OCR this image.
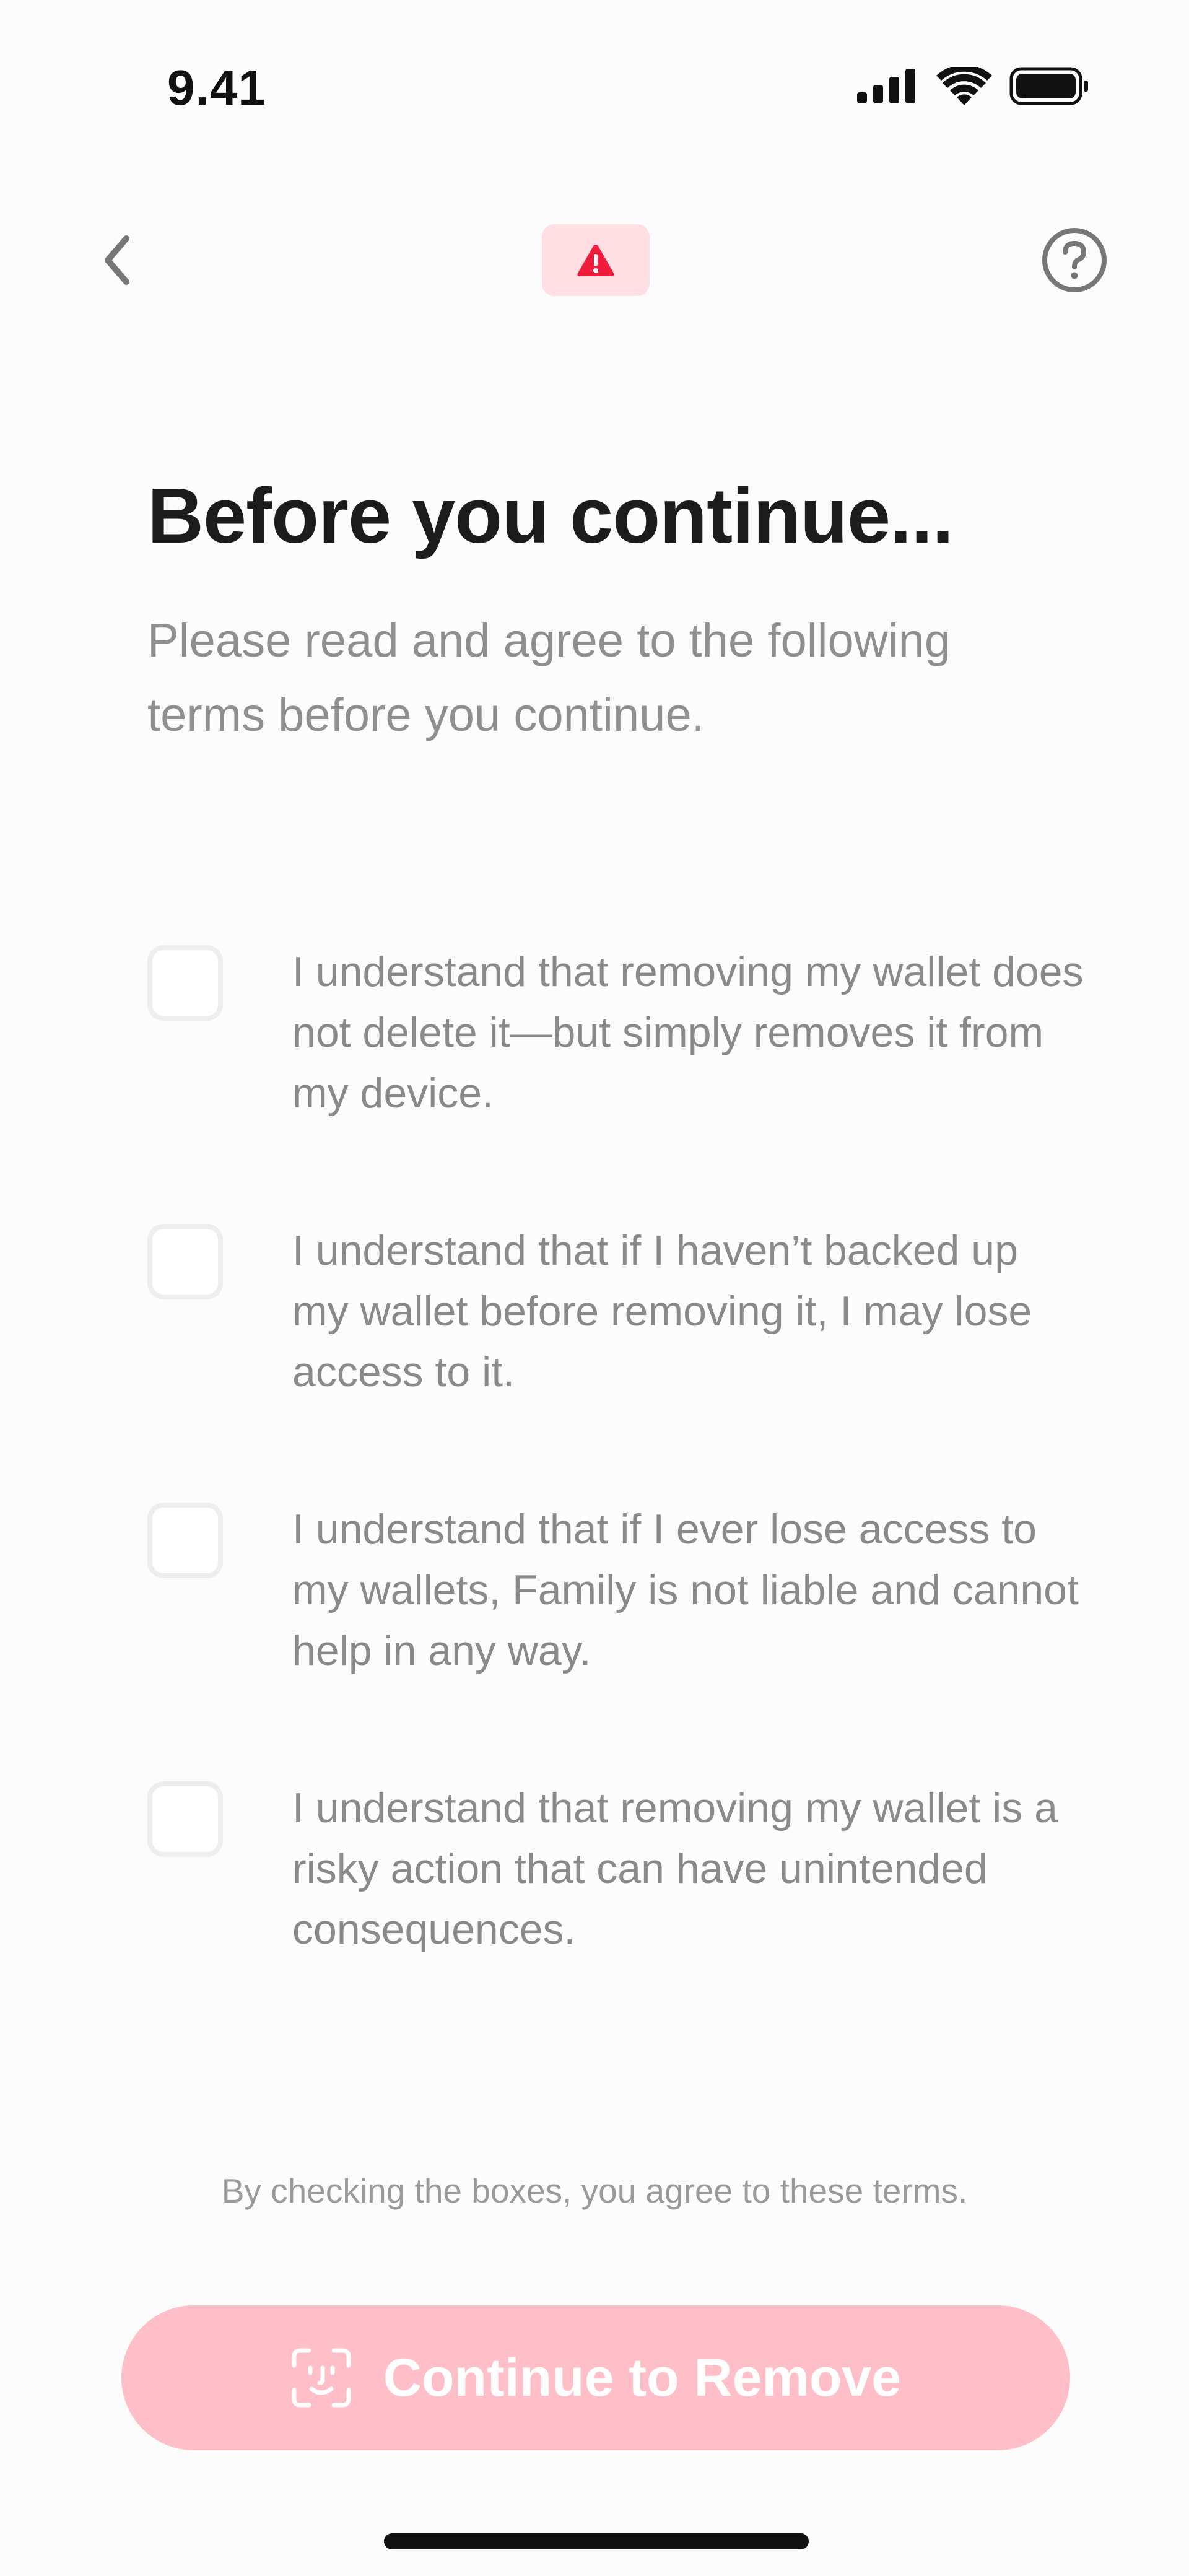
9.41
Before you continue...

Please read and agree to the following terms before you continue.

I understand that removing my wallet does not delete it—but simply removes it from my device.
I understand that if I haven’t backed up my wallet before removing it, I may lose access to it.
I understand that if I ever lose access to my wallets, Family is not liable and cannot help in any way.
I understand that removing my wallet is a risky action that can have unintended consequences.
By checking the boxes, you agree to these terms.
Continue to Remove
